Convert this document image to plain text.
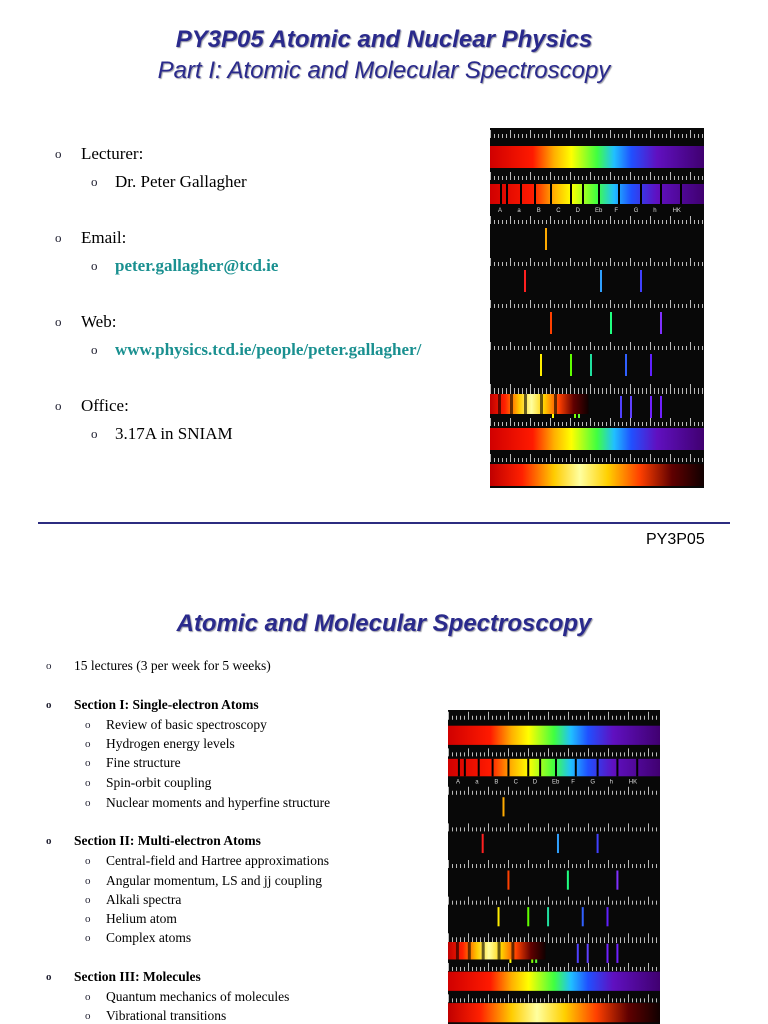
PY3P05 Atomic and Nuclear Physics
Part I: Atomic and Molecular Spectroscopy
o Lecturer:
o Dr. Peter Gallagher
o Email:
o peter.gallagher@tcd.ie
o Web:
o www.physics.tcd.ie/people/peter.gallagher/
o Office:
o 3.17A in SNIAM
A	a	B	C	D	Eb F	G h	HK
PY3P05
Atomic and Molecular Spectroscopy
o 15 lectures (3 per week for 5 weeks)
o Section I: Single-electron Atoms
o Review of basic spectroscopy
o Hydrogen energy levels
o Fine structure
o Spin-orbit coupling
o Nuclear moments and hyperfine structure
o Section II: Multi-electron Atoms
o Central-field and Hartree approximations
o Angular momentum, LS and jj coupling
o Alkali spectra
o Helium atom
o Complex atoms
o Section III: Molecules
o Quantum mechanics of molecules
o Vibrational transitions
A	a	B	C D Eb F	G h	HK
